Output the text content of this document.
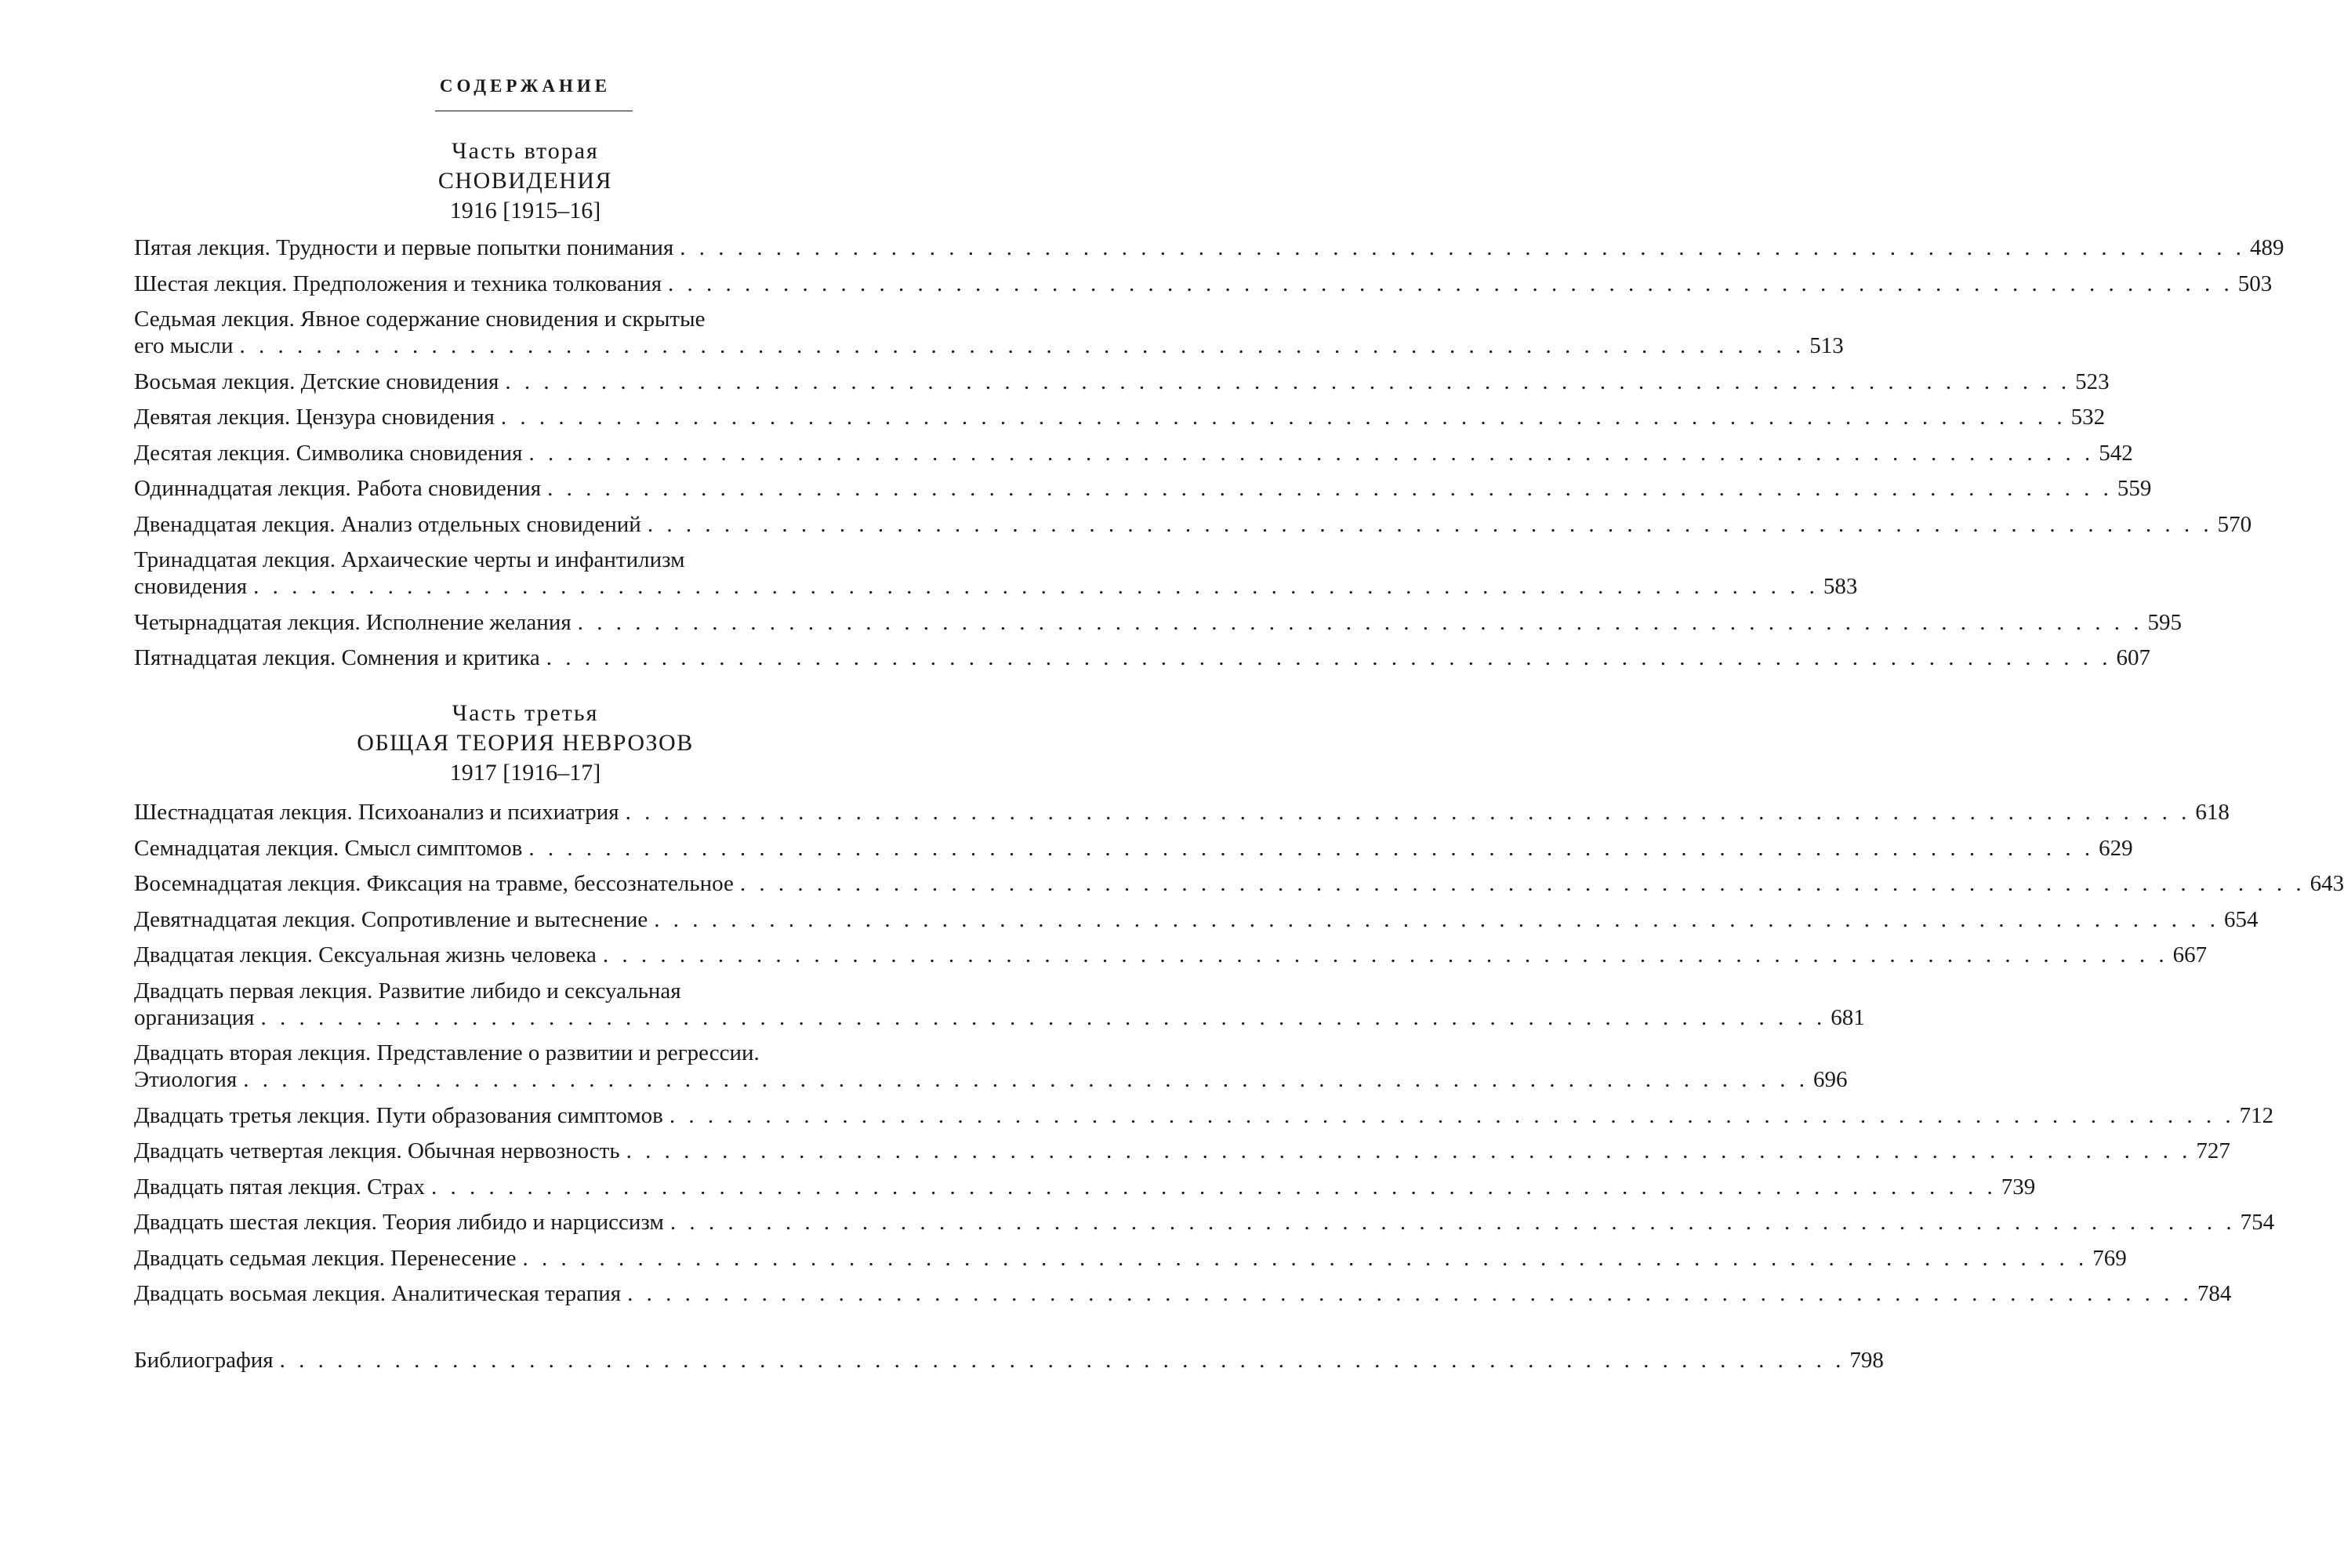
СОДЕРЖАНИЕ
Часть вторая
СНОВИДЕНИЯ
1916 [1915–16]
Пятая лекция. Трудности и первые попытки понимания . . . . . . . . . . . . . . . . . . . . . . . . . . . . . . . . . . . . . . . . . . . . . . . . . . . . . . . . . . . . . . . . . . . . . . . . . . . . . . . . . . 489
Шестая лекция. Предположения и техника толкования . . . . . . . . . . . . . . . . . . . . . . . . . . . . . . . . . . . . . . . . . . . . . . . . . . . . . . . . . . . . . . . . . . . . . . . . . . . . . . . . . . 503
Седьмая лекция. Явное содержание сновидения и скрытые
его мысли . . . . . . . . . . . . . . . . . . . . . . . . . . . . . . . . . . . . . . . . . . . . . . . . . . . . . . . . . . . . . . . . . . . . . . . . . . . . . . . . . . 513
Восьмая лекция. Детские сновидения . . . . . . . . . . . . . . . . . . . . . . . . . . . . . . . . . . . . . . . . . . . . . . . . . . . . . . . . . . . . . . . . . . . . . . . . . . . . . . . . . . 523
Девятая лекция. Цензура сновидения . . . . . . . . . . . . . . . . . . . . . . . . . . . . . . . . . . . . . . . . . . . . . . . . . . . . . . . . . . . . . . . . . . . . . . . . . . . . . . . . . . 532
Десятая лекция. Символика сновидения . . . . . . . . . . . . . . . . . . . . . . . . . . . . . . . . . . . . . . . . . . . . . . . . . . . . . . . . . . . . . . . . . . . . . . . . . . . . . . . . . . 542
Одиннадцатая лекция. Работа сновидения . . . . . . . . . . . . . . . . . . . . . . . . . . . . . . . . . . . . . . . . . . . . . . . . . . . . . . . . . . . . . . . . . . . . . . . . . . . . . . . . . . 559
Двенадцатая лекция. Анализ отдельных сновидений . . . . . . . . . . . . . . . . . . . . . . . . . . . . . . . . . . . . . . . . . . . . . . . . . . . . . . . . . . . . . . . . . . . . . . . . . . . . . . . . . . 570
Тринадцатая лекция. Архаические черты и инфантилизм
сновидения . . . . . . . . . . . . . . . . . . . . . . . . . . . . . . . . . . . . . . . . . . . . . . . . . . . . . . . . . . . . . . . . . . . . . . . . . . . . . . . . . . 583
Четырнадцатая лекция. Исполнение желания . . . . . . . . . . . . . . . . . . . . . . . . . . . . . . . . . . . . . . . . . . . . . . . . . . . . . . . . . . . . . . . . . . . . . . . . . . . . . . . . . . 595
Пятнадцатая лекция. Сомнения и критика . . . . . . . . . . . . . . . . . . . . . . . . . . . . . . . . . . . . . . . . . . . . . . . . . . . . . . . . . . . . . . . . . . . . . . . . . . . . . . . . . . 607
Часть третья
ОБЩАЯ ТЕОРИЯ НЕВРОЗОВ
1917 [1916–17]
Шестнадцатая лекция. Психоанализ и психиатрия . . . . . . . . . . . . . . . . . . . . . . . . . . . . . . . . . . . . . . . . . . . . . . . . . . . . . . . . . . . . . . . . . . . . . . . . . . . . . . . . . . 618
Семнадцатая лекция. Смысл симптомов . . . . . . . . . . . . . . . . . . . . . . . . . . . . . . . . . . . . . . . . . . . . . . . . . . . . . . . . . . . . . . . . . . . . . . . . . . . . . . . . . . 629
Восемнадцатая лекция. Фиксация на травме, бессознательное . . . . . . . . . . . . . . . . . . . . . . . . . . . . . . . . . . . . . . . . . . . . . . . . . . . . . . . . . . . . . . . . . . . . . . . . . . . . . . . . . . 643
Девятнадцатая лекция. Сопротивление и вытеснение . . . . . . . . . . . . . . . . . . . . . . . . . . . . . . . . . . . . . . . . . . . . . . . . . . . . . . . . . . . . . . . . . . . . . . . . . . . . . . . . . . 654
Двадцатая лекция. Сексуальная жизнь человека . . . . . . . . . . . . . . . . . . . . . . . . . . . . . . . . . . . . . . . . . . . . . . . . . . . . . . . . . . . . . . . . . . . . . . . . . . . . . . . . . . 667
Двадцать первая лекция. Развитие либидо и сексуальная
организация . . . . . . . . . . . . . . . . . . . . . . . . . . . . . . . . . . . . . . . . . . . . . . . . . . . . . . . . . . . . . . . . . . . . . . . . . . . . . . . . . . 681
Двадцать вторая лекция. Представление о развитии и регрессии.
Этиология . . . . . . . . . . . . . . . . . . . . . . . . . . . . . . . . . . . . . . . . . . . . . . . . . . . . . . . . . . . . . . . . . . . . . . . . . . . . . . . . . . 696
Двадцать третья лекция. Пути образования симптомов . . . . . . . . . . . . . . . . . . . . . . . . . . . . . . . . . . . . . . . . . . . . . . . . . . . . . . . . . . . . . . . . . . . . . . . . . . . . . . . . . . 712
Двадцать четвертая лекция. Обычная нервозность . . . . . . . . . . . . . . . . . . . . . . . . . . . . . . . . . . . . . . . . . . . . . . . . . . . . . . . . . . . . . . . . . . . . . . . . . . . . . . . . . . 727
Двадцать пятая лекция. Страх . . . . . . . . . . . . . . . . . . . . . . . . . . . . . . . . . . . . . . . . . . . . . . . . . . . . . . . . . . . . . . . . . . . . . . . . . . . . . . . . . . 739
Двадцать шестая лекция. Теория либидо и нарциссизм . . . . . . . . . . . . . . . . . . . . . . . . . . . . . . . . . . . . . . . . . . . . . . . . . . . . . . . . . . . . . . . . . . . . . . . . . . . . . . . . . . 754
Двадцать седьмая лекция. Перенесение . . . . . . . . . . . . . . . . . . . . . . . . . . . . . . . . . . . . . . . . . . . . . . . . . . . . . . . . . . . . . . . . . . . . . . . . . . . . . . . . . . 769
Двадцать восьмая лекция. Аналитическая терапия . . . . . . . . . . . . . . . . . . . . . . . . . . . . . . . . . . . . . . . . . . . . . . . . . . . . . . . . . . . . . . . . . . . . . . . . . . . . . . . . . . 784
Библиография . . . . . . . . . . . . . . . . . . . . . . . . . . . . . . . . . . . . . . . . . . . . . . . . . . . . . . . . . . . . . . . . . . . . . . . . . . . . . . . . . . 798
